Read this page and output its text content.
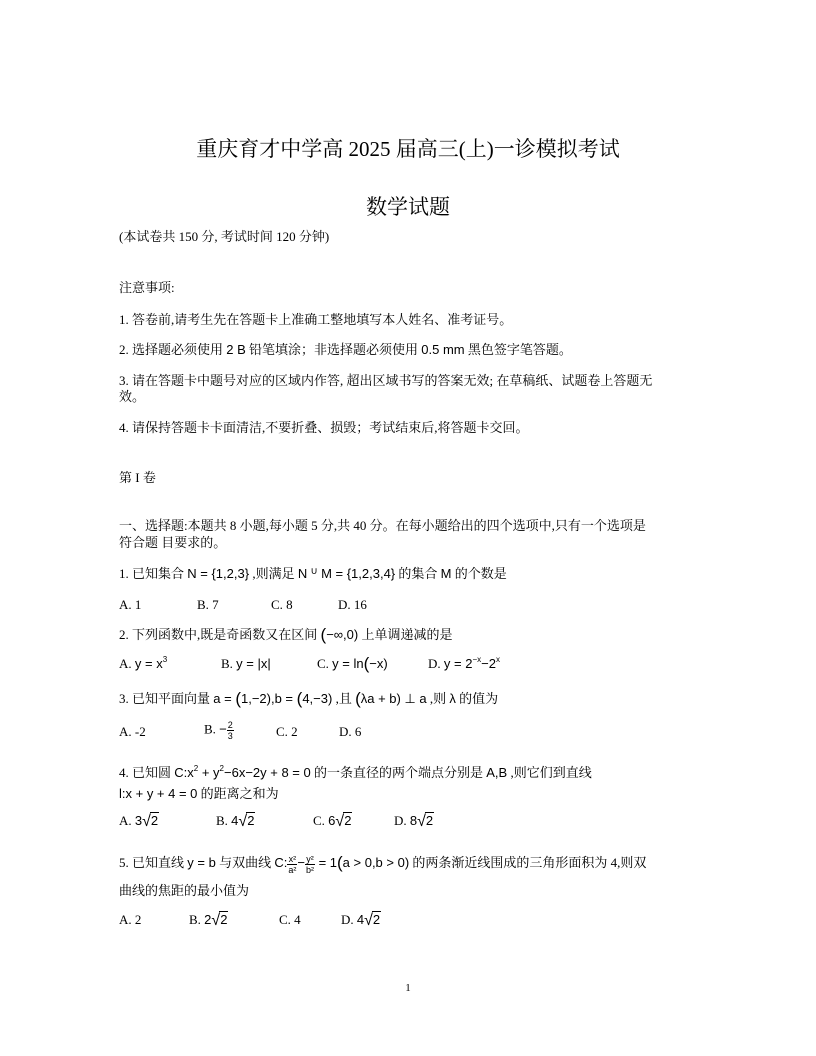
重庆育才中学高 2025 届高三(上)一诊模拟考试
数学试题
(本试卷共 150 分, 考试时间 120 分钟)
注意事项:
1. 答卷前,请考生先在答题卡上准确工整地填写本人姓名、准考证号。
2. 选择题必须使用 2 B 铅笔填涂；非选择题必须使用 0.5 mm 黑色签字笔答题。
3. 请在答题卡中题号对应的区域内作答, 超出区域书写的答案无效; 在草稿纸、试题卷上答题无
效。
4. 请保持答题卡卡面清洁,不要折叠、损毁；考试结束后,将答题卡交回。
第 I 卷
一、选择题:本题共 8 小题,每小题 5 分,共 40 分。在每小题给出的四个选项中,只有一个选项是
符合题 目要求的。
1. 已知集合 N = {1,2,3} ,则满足 N ∪ M = {1,2,3,4} 的集合 M 的个数是
A. 1	B. 7	C. 8	D. 16
2. 下列函数中,既是奇函数又在区间 (−∞,0) 上单调递减的是
A. $y = x^3$	B. y = |x|	C. y = ln(−x)	D. $y = 2^{-x}-2^x$
3. 已知平面向量 a = (1,−2),b = (4,−3) ,且 (λa + b) ⊥ a ,则 λ 的值为
A. -2	B. − $\frac{2}{3}$	C. 2	D. 6
4. 已知圆 $C:x^2 + y^2-6x-2y + 8 = 0$ 的一条直径的两个端点分别是 A,B ,则它们到直线
l:x + y + 4 = 0 的距离之和为
A. 3√2	B. 4√2	C. 6√2	D. 8√2
5. 已知直线 y = b 与双曲线 C: $\frac{\text{x²}}{\text{a²}} - \frac{\text{y²}}{\text{b²}} = 1(a > 0,b > 0)$ 的两条渐近线围成的三角形面积为 4,则双
曲线的焦距的最小值为
A. 2	B. 2√2	C. 4	D. 4√2
1
